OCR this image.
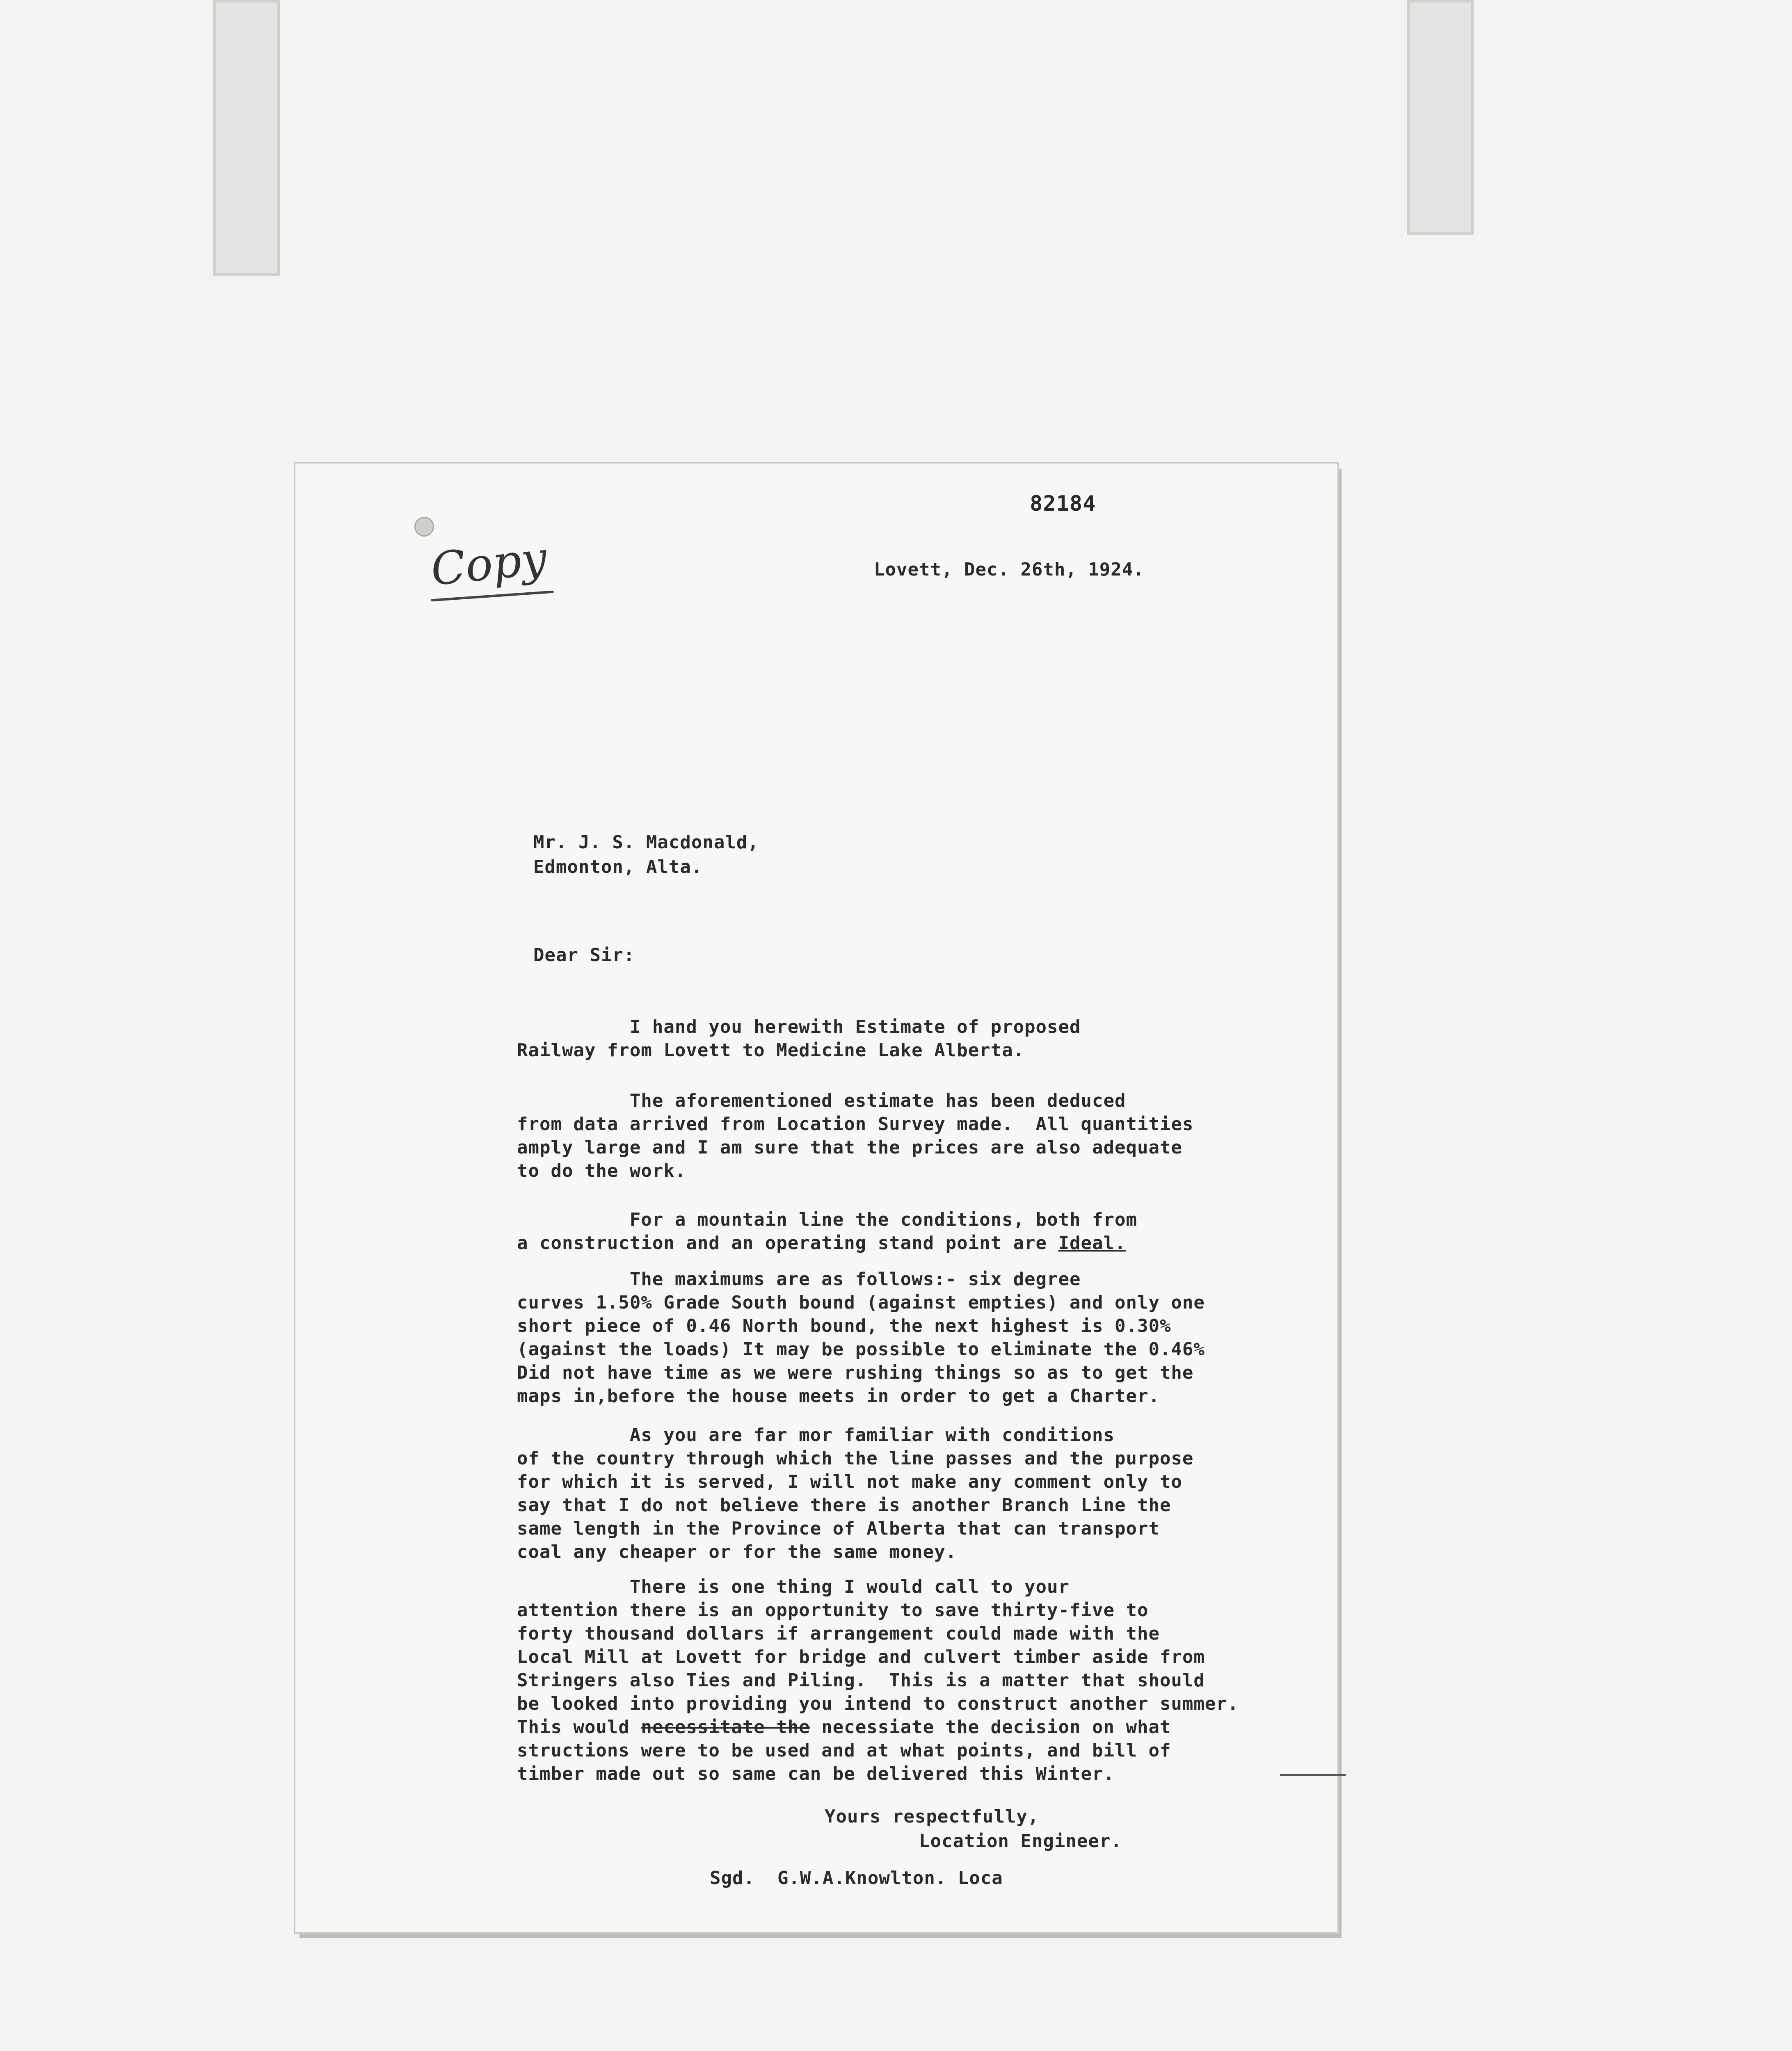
82184
Copy	Lovett, Dec. 26th, 1924.
Mr. J. S. Macdonald,
Edmonton, Alta.
Dear Sir:
I hand you herewith Estimate of proposed
Railway from Lovett to Medicine Lake Alberta.
The aforementioned estimate has been deduced
from data arrived from Location Survey made.  All quantities
amply large and I am sure that the prices are also adequate
to do the work.
For a mountain line the conditions, both from
a construction and an operating stand point are Ideal.
The maximums are as follows:- six degree
curves 1.50% Grade South bound (against empties) and only one
short piece of 0.46 North bound, the next highest is 0.30%
(against the loads) It may be possible to eliminate the 0.46%
Did not have time as we were rushing things so as to get the
maps in,before the house meets in order to get a Charter.
As you are far mor familiar with conditions
of the country through which the line passes and the purpose
for which it is served, I will not make any comment only to
say that I do not believe there is another Branch Line the
same length in the Province of Alberta that can transport
coal any cheaper or for the same money.
There is one thing I would call to your
attention there is an opportunity to save thirty-five to
forty thousand dollars if arrangement could made with the
Local Mill at Lovett for bridge and culvert timber aside from
Stringers also Ties and Piling.  This is a matter that should
be looked into providing you intend to construct another summer.
This would necessitate the necessiate the decision on what
structions were to be used and at what points, and bill of
timber made out so same can be delivered this Winter.
Yours respectfully,
Location Engineer.
Sgd.  G.W.A.Knowlton. Loca
